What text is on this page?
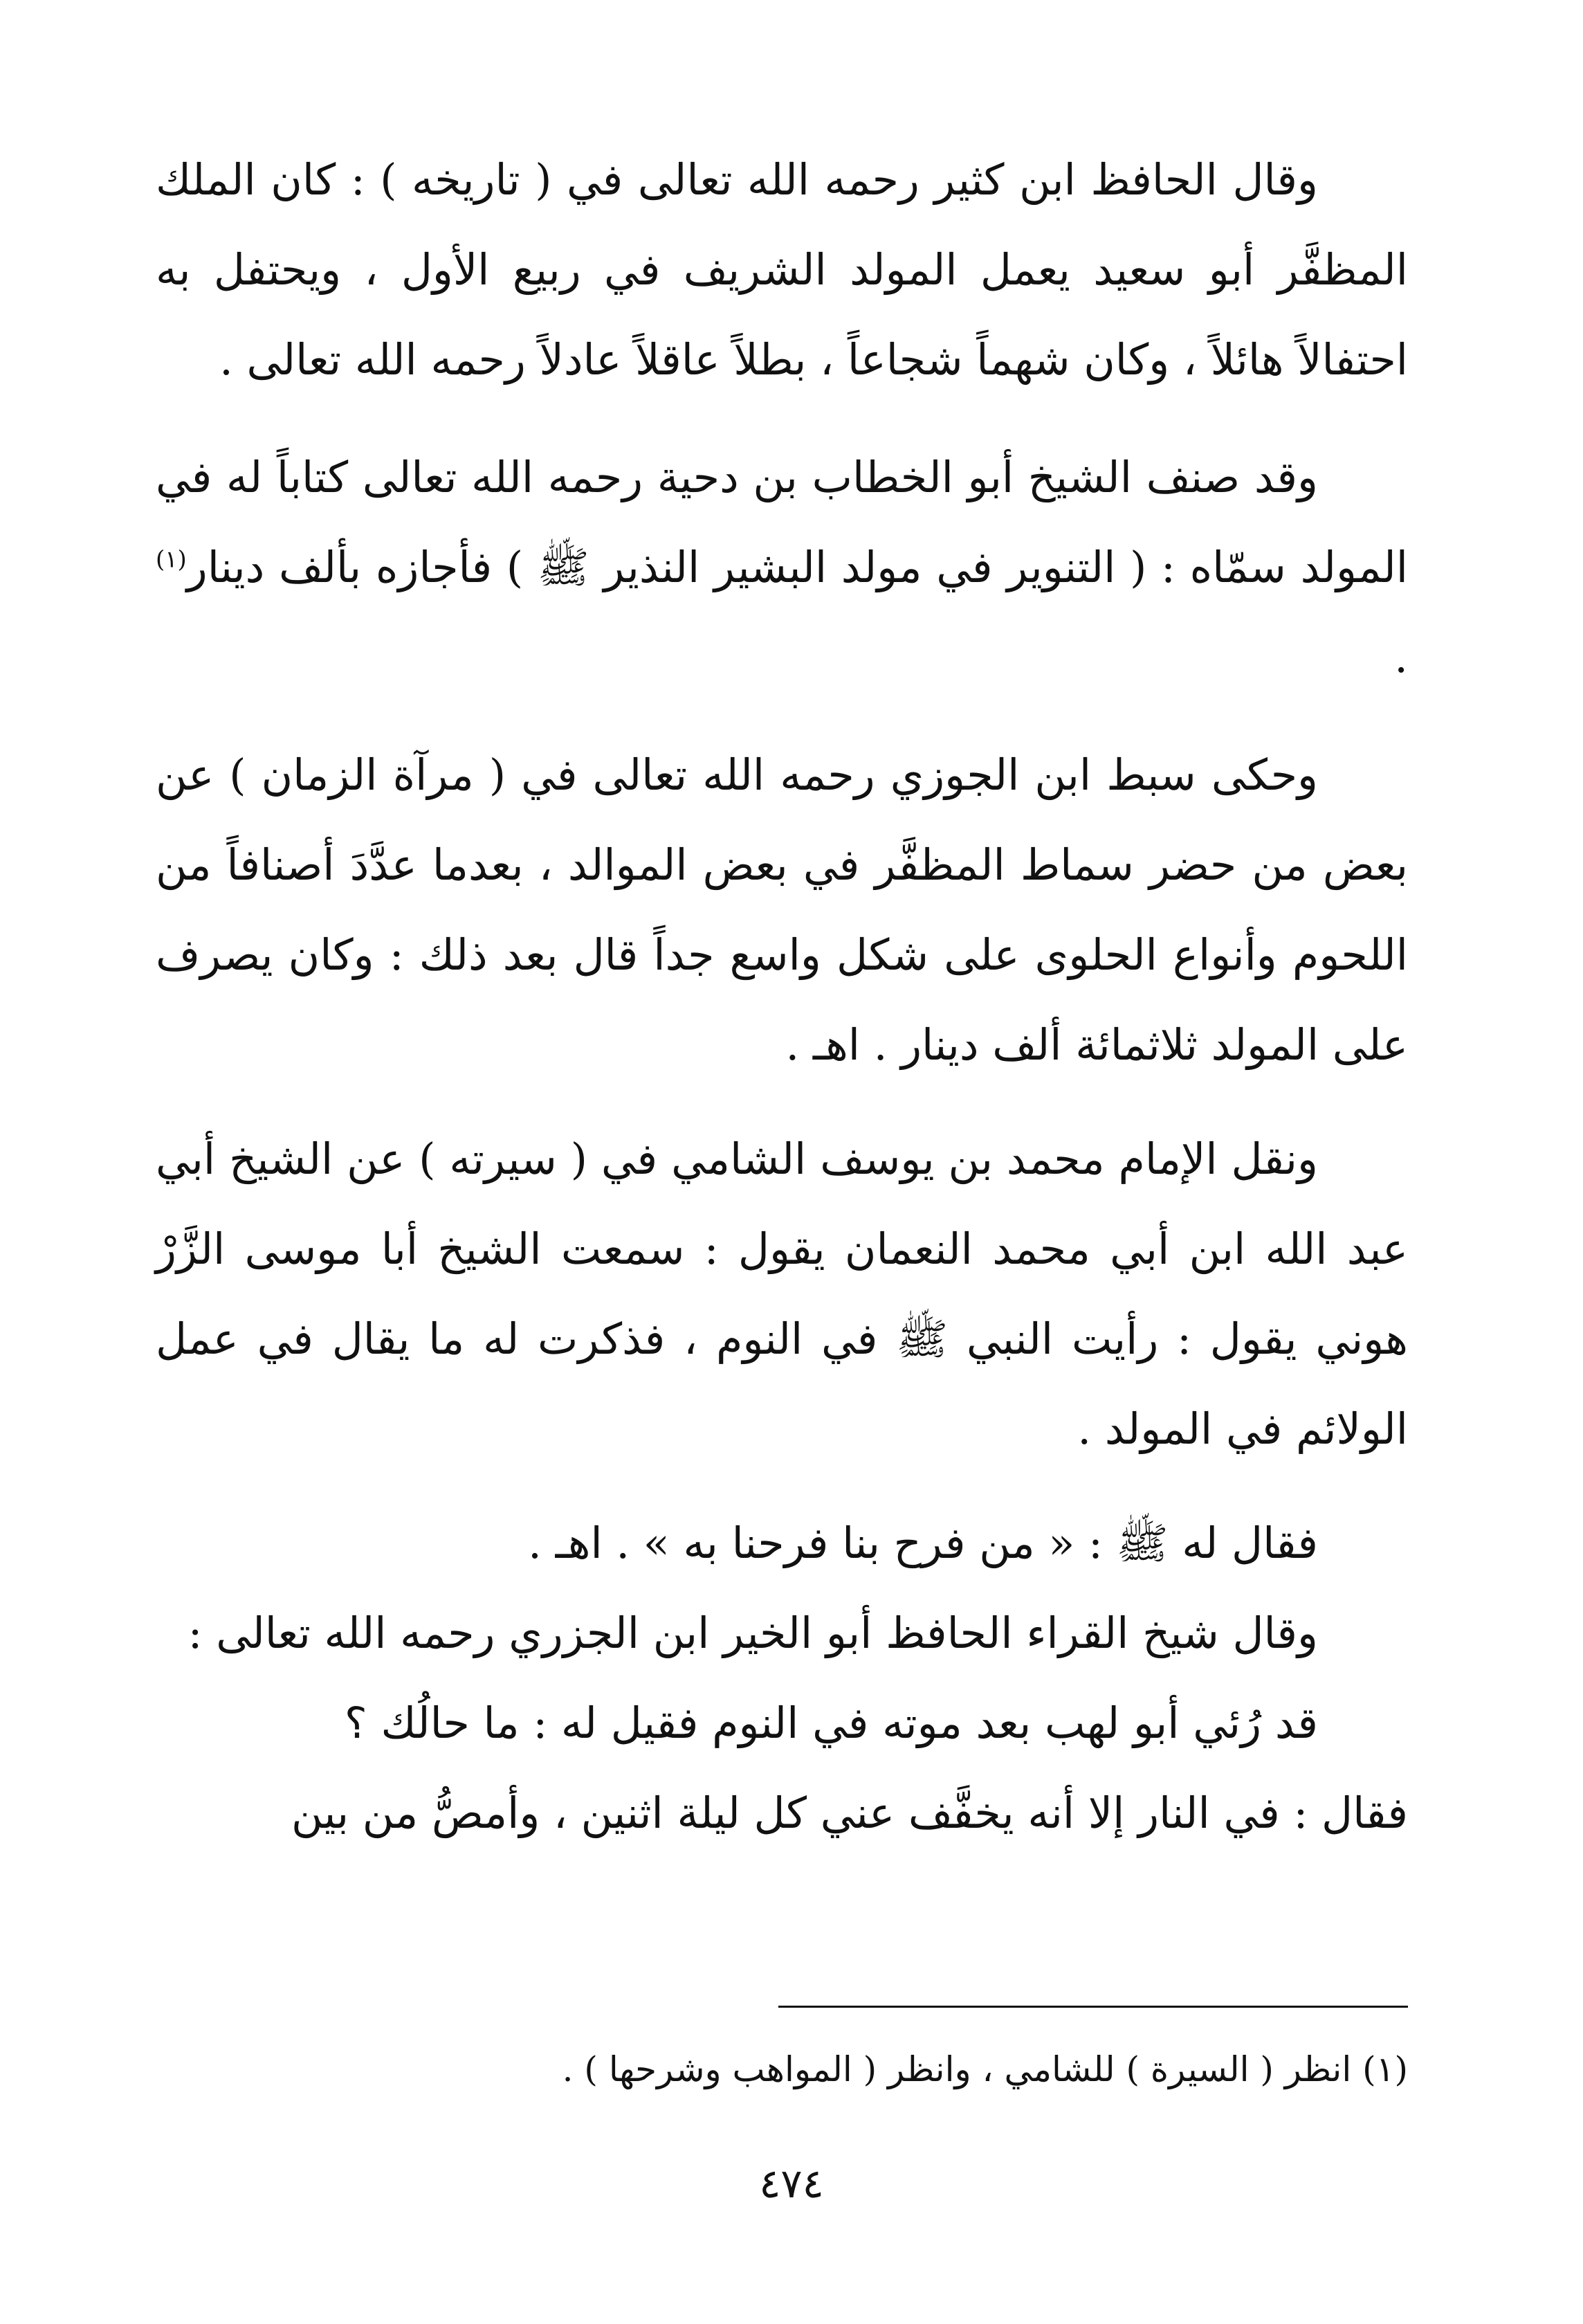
وقال الحافظ ابن كثير رحمه الله تعالى في ( تاريخه ) : كان الملك المظفَّر أبو سعيد يعمل المولد الشريف في ربيع الأول ، ويحتفل به احتفالاً هائلاً ، وكان شهماً شجاعاً ، بطلاً عاقلاً عادلاً رحمه الله تعالى .

وقد صنف الشيخ أبو الخطاب بن دحية رحمه الله تعالى كتاباً له في المولد سمّاه : ( التنوير في مولد البشير النذير ﷺ ) فأجازه بألف دينار$^{(١)}$ .

وحكى سبط ابن الجوزي رحمه الله تعالى في ( مرآة الزمان ) عن بعض من حضر سماط المظفَّر في بعض الموالد ، بعدما عدَّدَ أصنافاً من اللحوم وأنواع الحلوى على شكل واسع جداً قال بعد ذلك : وكان يصرف على المولد ثلاثمائة ألف دينار . اهـ .

ونقل الإمام محمد بن يوسف الشامي في ( سيرته ) عن الشيخ أبي عبد الله ابن أبي محمد النعمان يقول : سمعت الشيخ أبا موسى الزَّرْ هوني يقول : رأيت النبي ﷺ في النوم ، فذكرت له ما يقال في عمل الولائم في المولد .

فقال له ﷺ : « من فرح بنا فرحنا به » . اهـ .

وقال شيخ القراء الحافظ أبو الخير ابن الجزري رحمه الله تعالى :

قد رُئي أبو لهب بعد موته في النوم فقيل له : ما حالُك ؟

فقال : في النار إلا أنه يخفَّف عني كل ليلة اثنين ، وأمصُّ من بين

(١) انظر ( السيرة ) للشامي ، وانظر ( المواهب وشرحها ) .

٤٧٤
